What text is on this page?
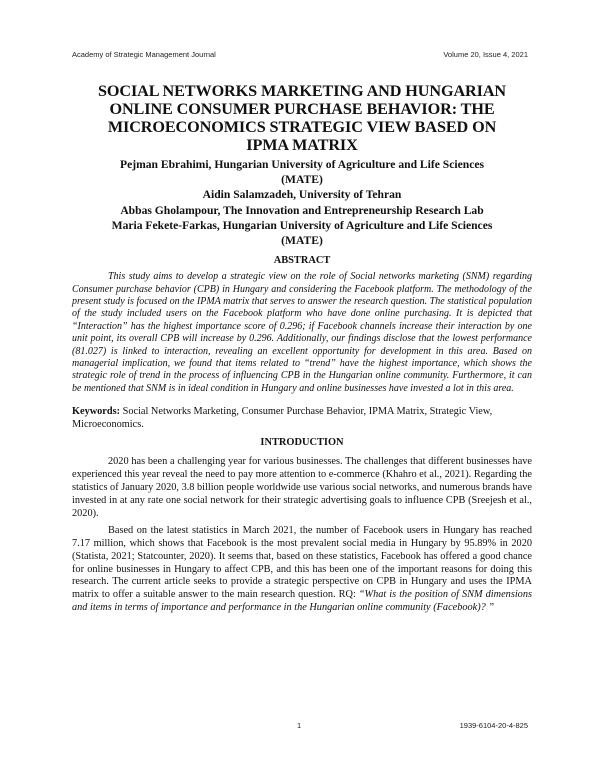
Academy of Strategic Management Journal	Volume 20, Issue 4, 2021
SOCIAL NETWORKS MARKETING AND HUNGARIAN
ONLINE CONSUMER PURCHASE BEHAVIOR: THE
MICROECONOMICS STRATEGIC VIEW BASED ON
IPMA MATRIX
Pejman Ebrahimi, Hungarian University of Agriculture and Life Sciences
(MATE)
Aidin Salamzadeh, University of Tehran
Abbas Gholampour, The Innovation and Entrepreneurship Research Lab
Maria Fekete-Farkas, Hungarian University of Agriculture and Life Sciences
(MATE)
ABSTRACT

This study aims to develop a strategic view on the role of Social networks marketing (SNM) regarding Consumer purchase behavior (CPB) in Hungary and considering the Facebook platform. The methodology of the present study is focused on the IPMA matrix that serves to answer the research question. The statistical population of the study included users on the Facebook platform who have done online purchasing. It is depicted that “Interaction” has the highest importance score of 0.296; if Facebook channels increase their interaction by one unit point, its overall CPB will increase by 0.296. Additionally, our findings disclose that the lowest performance (81.027) is linked to interaction, revealing an excellent opportunity for development in this area. Based on managerial implication, we found that items related to “trend” have the highest importance, which shows the strategic role of trend in the process of influencing CPB in the Hungarian online community. Furthermore, it can be mentioned that SNM is in ideal condition in Hungary and online businesses have invested a lot in this area.

Keywords: Social Networks Marketing, Consumer Purchase Behavior, IPMA Matrix, Strategic View, Microeconomics.

INTRODUCTION

2020 has been a challenging year for various businesses. The challenges that different businesses have experienced this year reveal the need to pay more attention to e-commerce (Khahro et al., 2021). Regarding the statistics of January 2020, 3.8 billion people worldwide use various social networks, and numerous brands have invested in at any rate one social network for their strategic advertising goals to influence CPB (Sreejesh et al., 2020).

Based on the latest statistics in March 2021, the number of Facebook users in Hungary has reached 7.17 million, which shows that Facebook is the most prevalent social media in Hungary by 95.89% in 2020 (Statista, 2021; Statcounter, 2020). It seems that, based on these statistics, Facebook has offered a good chance for online businesses in Hungary to affect CPB, and this has been one of the important reasons for doing this research. The current article seeks to provide a strategic perspective on CPB in Hungary and uses the IPMA matrix to offer a suitable answer to the main research question. RQ: “What is the position of SNM dimensions and items in terms of importance and performance in the Hungarian online community (Facebook)? ”

1	1939-6104-20-4-825
